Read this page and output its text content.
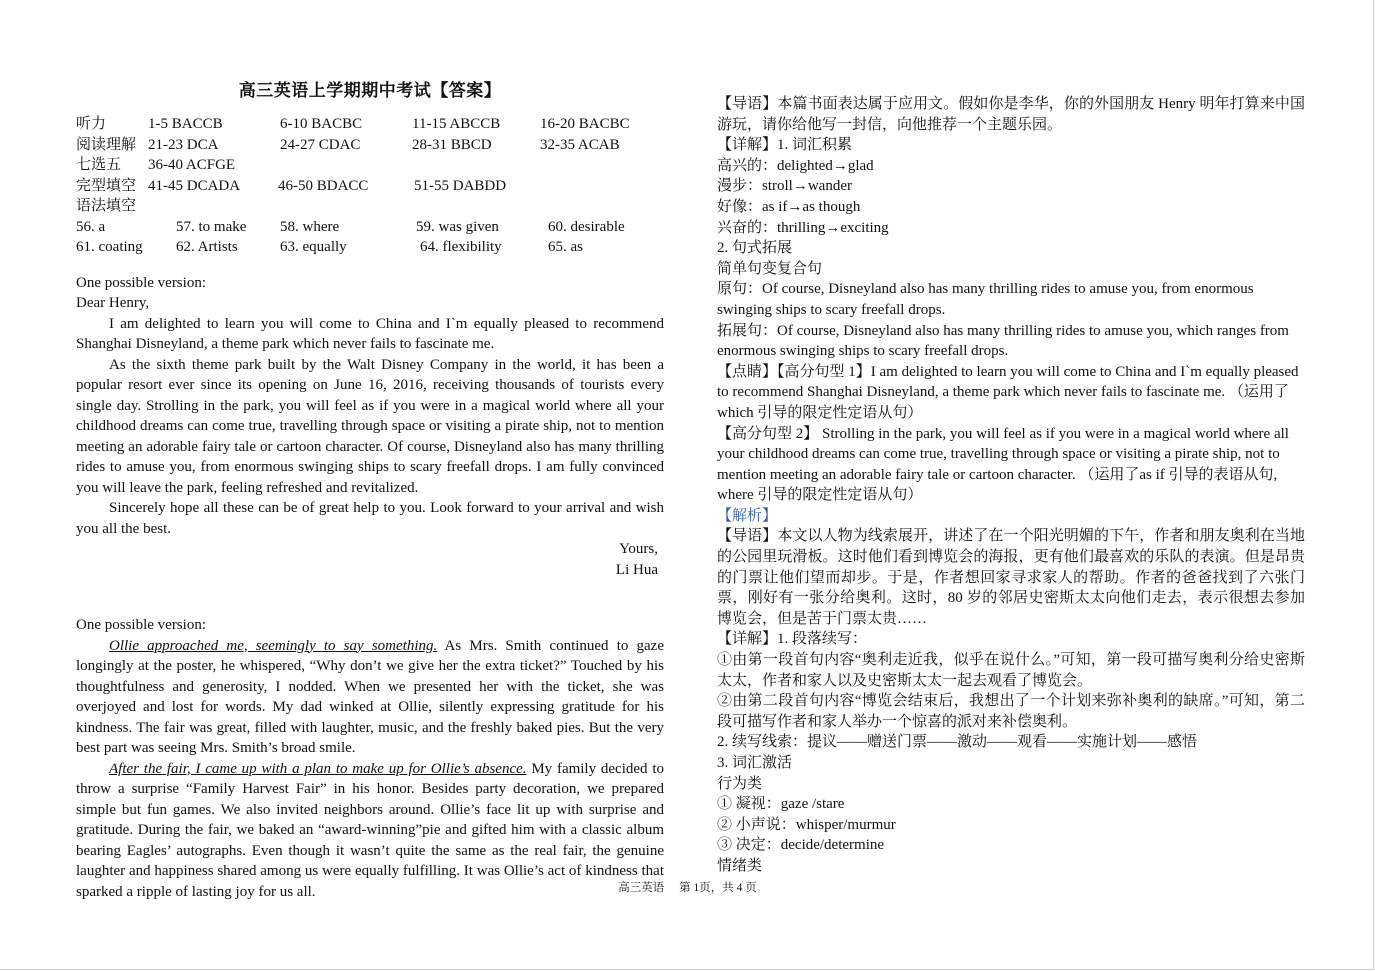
高三英语上学期期中考试【答案】
听力	1-5 BACCB	6-10 BACBC	11-15 ABCCB	16-20 BACBC
阅读理解 21-23 DCA	24-27 CDAC	28-31 BBCD	32-35 ACAB
七选五 36-40 ACFGE
完型填空 41-45 DCADA	46-50 BDACC	51-55 DABDD
语法填空
56. a	57. to make 58. where	59. was given	60. desirable
61. coating 62. Artists	63. equally	64. flexibility	65. as

One possible version:

Dear Henry,

I am delighted to learn you will come to China and I`m equally pleased to recommend Shanghai Disneyland, a theme park which never fails to fascinate me.

As the sixth theme park built by the Walt Disney Company in the world, it has been a popular resort ever since its opening on June 16, 2016, receiving thousands of tourists every single day. Strolling in the park, you will feel as if you were in a magical world where all your childhood dreams can come true, travelling through space or visiting a pirate ship, not to mention meeting an adorable fairy tale or cartoon character. Of course, Disneyland also has many thrilling rides to amuse you, from enormous swinging ships to scary freefall drops. I am fully convinced you will leave the park, feeling refreshed and revitalized.

Sincerely hope all these can be of great help to you. Look forward to your arrival and wish you all the best.

Yours,

Li Hua

One possible version:

Ollie approached me, seemingly to say something. As Mrs. Smith continued to gaze longingly at the poster, he whispered, “Why don’t we give her the extra ticket?” Touched by his thoughtfulness and generosity, I nodded. When we presented her with the ticket, she was overjoyed and lost for words. My dad winked at Ollie, silently expressing gratitude for his kindness. The fair was great, filled with laughter, music, and the freshly baked pies. But the very best part was seeing Mrs. Smith’s broad smile.

After the fair, I came up with a plan to make up for Ollie’s absence. My family decided to throw a surprise “Family Harvest Fair” in his honor. Besides party decoration, we prepared simple but fun games. We also invited neighbors around. Ollie’s face lit up with surprise and gratitude. During the fair, we baked an “award-winning”pie and gifted him with a classic album bearing Eagles’ autographs. Even though it wasn’t quite the same as the real fair, the genuine laughter and happiness shared among us were equally fulfilling. It was Ollie’s act of kindness that sparked a ripple of lasting joy for us all.

【导语】本篇书面表达属于应用文。假如你是李华，你的外国朋友 Henry 明年打算来中国游玩，请你给他写一封信，向他推荐一个主题乐园。

【详解】1. 词汇积累

高兴的：delighted→glad

漫步：stroll→wander

好像：as if→as though

兴奋的：thrilling→exciting

2. 句式拓展

简单句变复合句

原句：Of course, Disneyland also has many thrilling rides to amuse you, from enormous swinging ships to scary freefall drops.

拓展句：Of course, Disneyland also has many thrilling rides to amuse you, which ranges from enormous swinging ships to scary freefall drops.

【点睛】【高分句型 1】I am delighted to learn you will come to China and I`m equally pleased to recommend Shanghai Disneyland, a theme park which never fails to fascinate me. （运用了 which 引导的限定性定语从句）

【高分句型 2】 Strolling in the park, you will feel as if you were in a magical world where all your childhood dreams can come true, travelling through space or visiting a pirate ship, not to mention meeting an adorable fairy tale or cartoon character. （运用了as if 引导的表语从句, where 引导的限定性定语从句）

【解析】

【导语】本文以人物为线索展开，讲述了在一个阳光明媚的下午，作者和朋友奥利在当地的公园里玩滑板。这时他们看到博览会的海报，更有他们最喜欢的乐队的表演。但是昂贵的门票让他们望而却步。于是，作者想回家寻求家人的帮助。作者的爸爸找到了六张门票，刚好有一张分给奥利。这时，80 岁的邻居史密斯太太向他们走去，表示很想去参加博览会，但是苦于门票太贵……

【详解】1. 段落续写：

①由第一段首句内容“奥利走近我，似乎在说什么。”可知，第一段可描写奥利分给史密斯太太，作者和家人以及史密斯太太一起去观看了博览会。

②由第二段首句内容“博览会结束后，我想出了一个计划来弥补奥利的缺席。”可知，第二段可描写作者和家人举办一个惊喜的派对来补偿奥利。

2. 续写线索：提议——赠送门票——激动——观看——实施计划——感悟

3. 词汇激活

行为类

① 凝视：gaze /stare

② 小声说：whisper/murmur

③ 决定：decide/determine

情绪类

高三英语 第 1页，共 4 页
